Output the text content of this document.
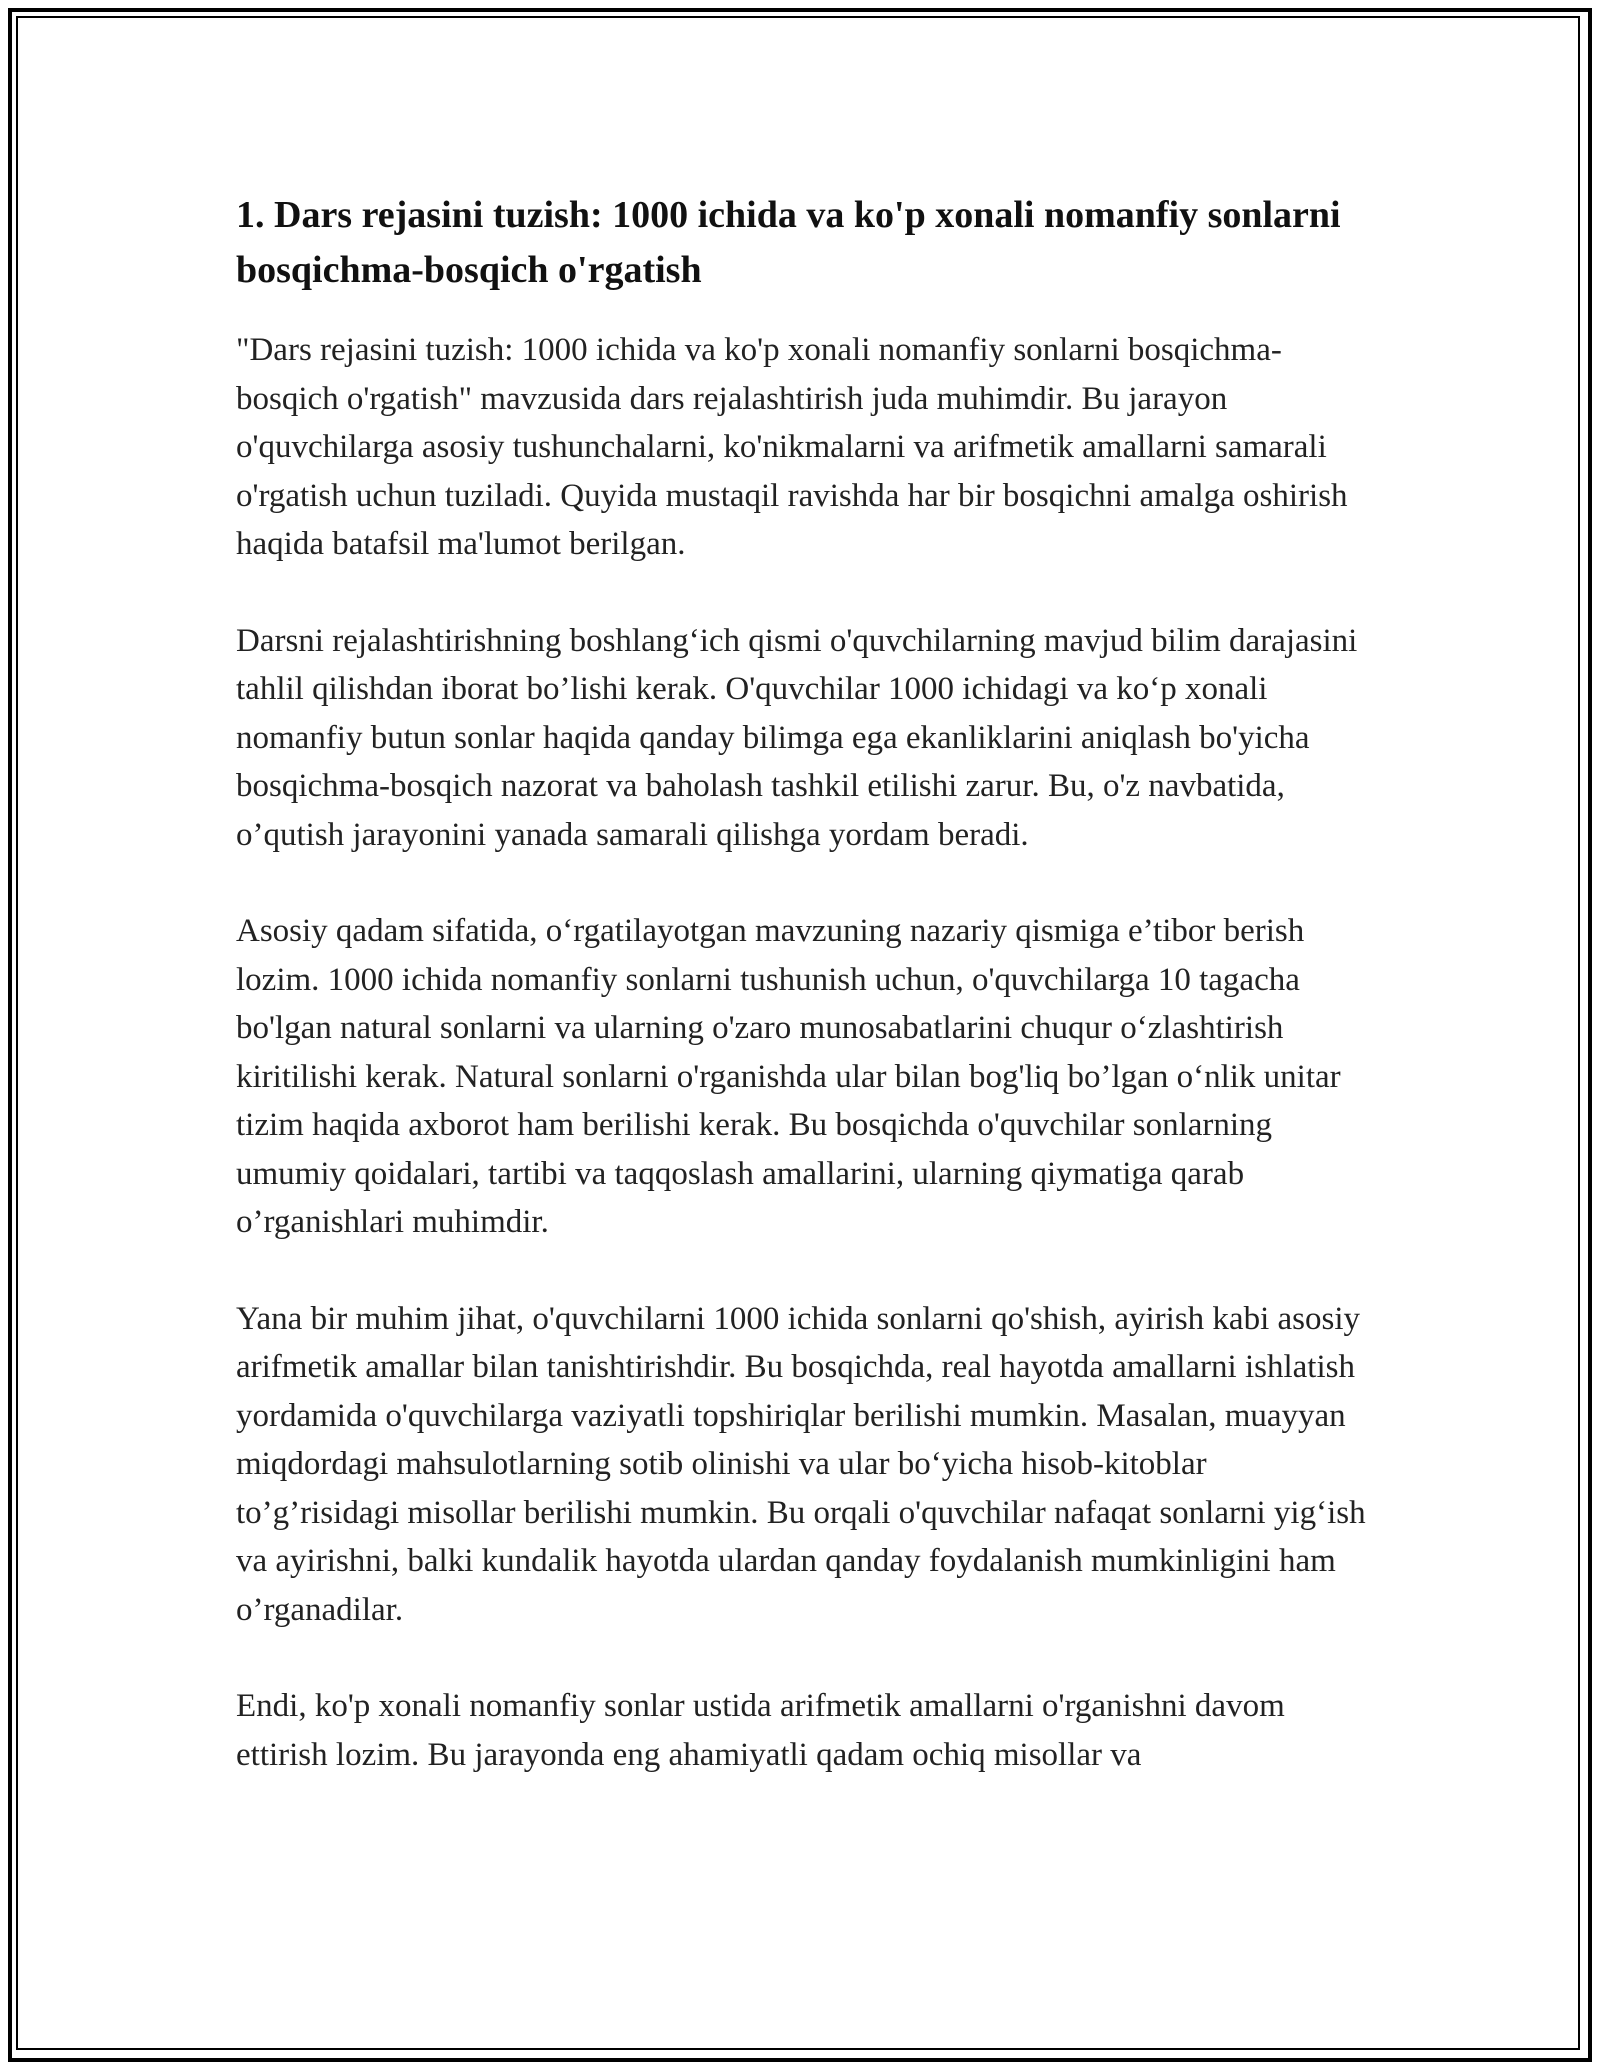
1. Dars rejasini tuzish: 1000 ichida va ko'p xonali nomanfiy sonlarni bosqichma-bosqich o'rgatish

"Dars rejasini tuzish: 1000 ichida va ko'p xonali nomanfiy sonlarni bosqichma-bosqich o'rgatish" mavzusida dars rejalashtirish juda muhimdir. Bu jarayon o'quvchilarga asosiy tushunchalarni, ko'nikmalarni va arifmetik amallarni samarali o'rgatish uchun tuziladi. Quyida mustaqil ravishda har bir bosqichni amalga oshirish haqida batafsil ma'lumot berilgan.

Darsni rejalashtirishning boshlang‘ich qismi o'quvchilarning mavjud bilim darajasini tahlil qilishdan iborat bo’lishi kerak. O'quvchilar 1000 ichidagi va ko‘p xonali nomanfiy butun sonlar haqida qanday bilimga ega ekanliklarini aniqlash bo'yicha bosqichma-bosqich nazorat va baholash tashkil etilishi zarur. Bu, o'z navbatida, o’qutish jarayonini yanada samarali qilishga yordam beradi.

Asosiy qadam sifatida, o‘rgatilayotgan mavzuning nazariy qismiga e’tibor berish lozim. 1000 ichida nomanfiy sonlarni tushunish uchun, o'quvchilarga 10 tagacha bo'lgan natural sonlarni va ularning o'zaro munosabatlarini chuqur o‘zlashtirish kiritilishi kerak. Natural sonlarni o'rganishda ular bilan bog'liq bo’lgan o‘nlik unitar tizim haqida axborot ham berilishi kerak. Bu bosqichda o'quvchilar sonlarning umumiy qoidalari, tartibi va taqqoslash amallarini, ularning qiymatiga qarab o’rganishlari muhimdir.

Yana bir muhim jihat, o'quvchilarni 1000 ichida sonlarni qo'shish, ayirish kabi asosiy arifmetik amallar bilan tanishtirishdir. Bu bosqichda, real hayotda amallarni ishlatish yordamida o'quvchilarga vaziyatli topshiriqlar berilishi mumkin. Masalan, muayyan miqdordagi mahsulotlarning sotib olinishi va ular bo‘yicha hisob-kitoblar to’g’risidagi misollar berilishi mumkin. Bu orqali o'quvchilar nafaqat sonlarni yig‘ish va ayirishni, balki kundalik hayotda ulardan qanday foydalanish mumkinligini ham o’rganadilar.

Endi, ko'p xonali nomanfiy sonlar ustida arifmetik amallarni o'rganishni davom ettirish lozim. Bu jarayonda eng ahamiyatli qadam ochiq misollar va
